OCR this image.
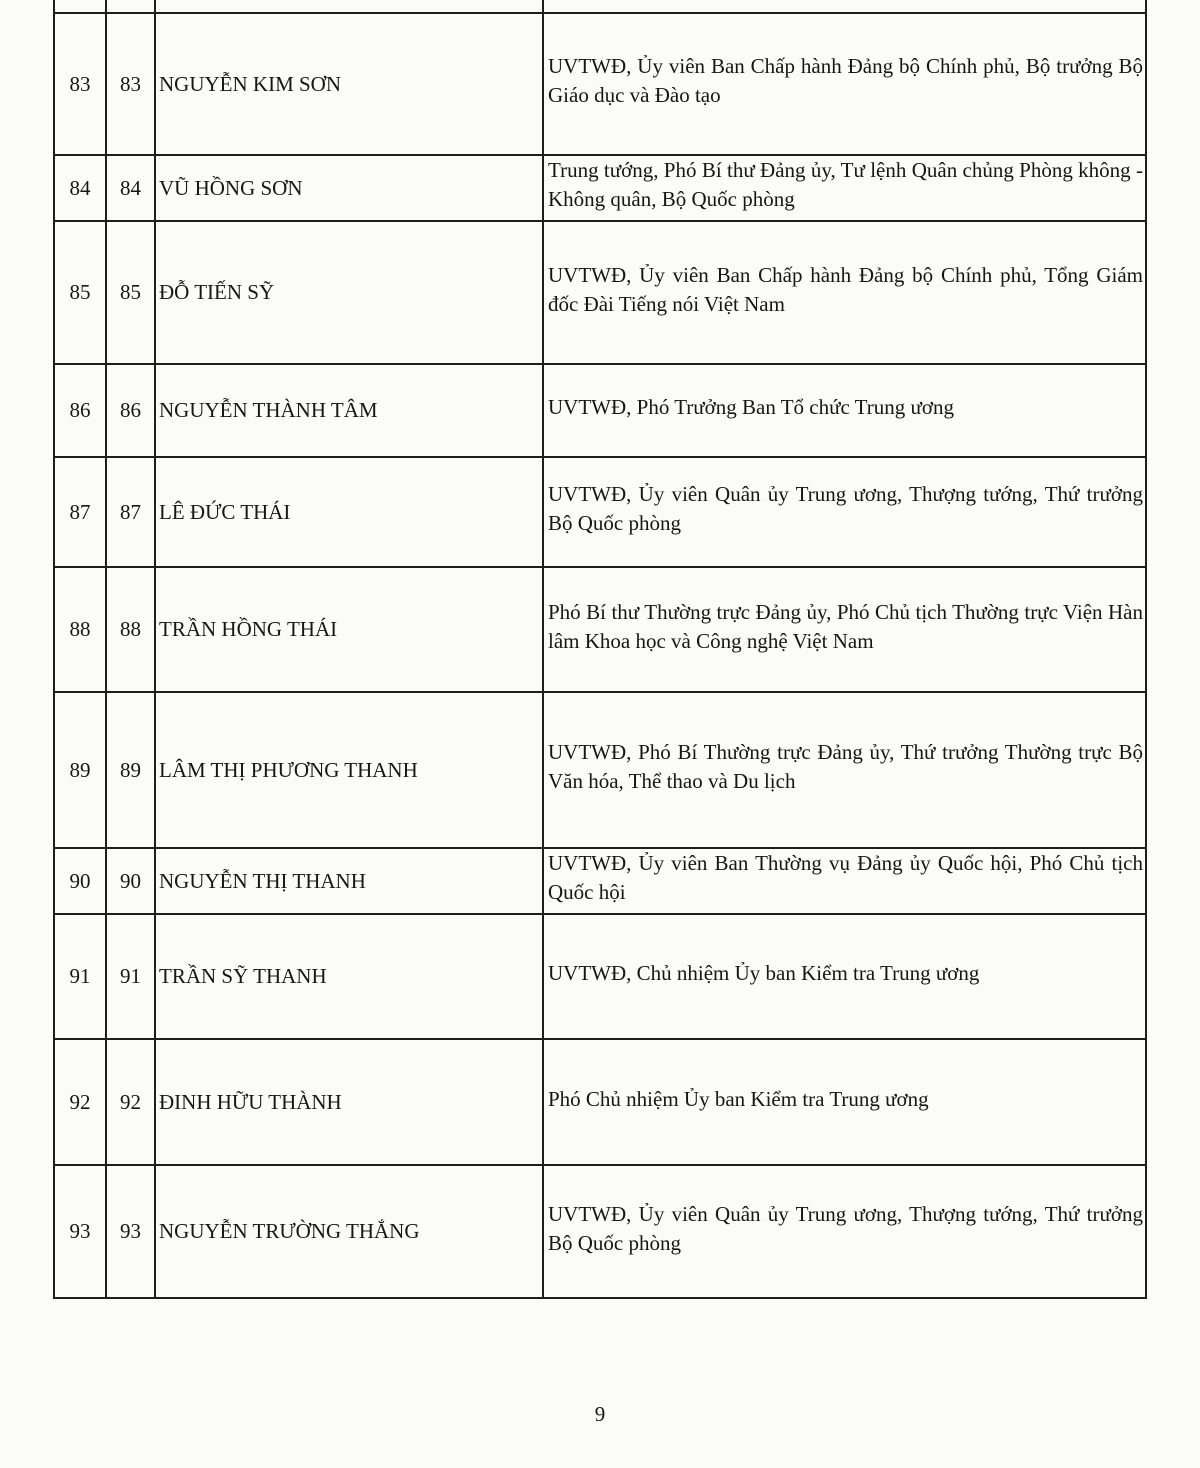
83	83	NGUYỄN KIM SƠN	UVTWĐ, Ủy viên Ban Chấp hành Đảng bộ Chính phủ, Bộ trưởng Bộ Giáo dục và Đào tạo
84	84	VŨ HỒNG SƠN	Trung tướng, Phó Bí thư Đảng ủy, Tư lệnh Quân chủng Phòng không - Không quân, Bộ Quốc phòng
85	85	ĐỖ TIẾN SỸ	UVTWĐ, Ủy viên Ban Chấp hành Đảng bộ Chính phủ, Tổng Giám đốc Đài Tiếng nói Việt Nam
86	86	NGUYỄN THÀNH TÂM	UVTWĐ, Phó Trưởng Ban Tổ chức Trung ương
87	87	LÊ ĐỨC THÁI	UVTWĐ, Ủy viên Quân ủy Trung ương, Thượng tướng, Thứ trưởng Bộ Quốc phòng
88	88	TRẦN HỒNG THÁI	Phó Bí thư Thường trực Đảng ủy, Phó Chủ tịch Thường trực Viện Hàn lâm Khoa học và Công nghệ Việt Nam
89	89	LÂM THỊ PHƯƠNG THANH	UVTWĐ, Phó Bí Thường trực Đảng ủy, Thứ trưởng Thường trực Bộ Văn hóa, Thể thao và Du lịch
90	90	NGUYỄN THỊ THANH	UVTWĐ, Ủy viên Ban Thường vụ Đảng ủy Quốc hội, Phó Chủ tịch Quốc hội
91	91	TRẦN SỸ THANH	UVTWĐ, Chủ nhiệm Ủy ban Kiểm tra Trung ương
92	92	ĐINH HỮU THÀNH	Phó Chủ nhiệm Ủy ban Kiểm tra Trung ương
93	93	NGUYỄN TRƯỜNG THẮNG	UVTWĐ, Ủy viên Quân ủy Trung ương, Thượng tướng, Thứ trưởng Bộ Quốc phòng
9
